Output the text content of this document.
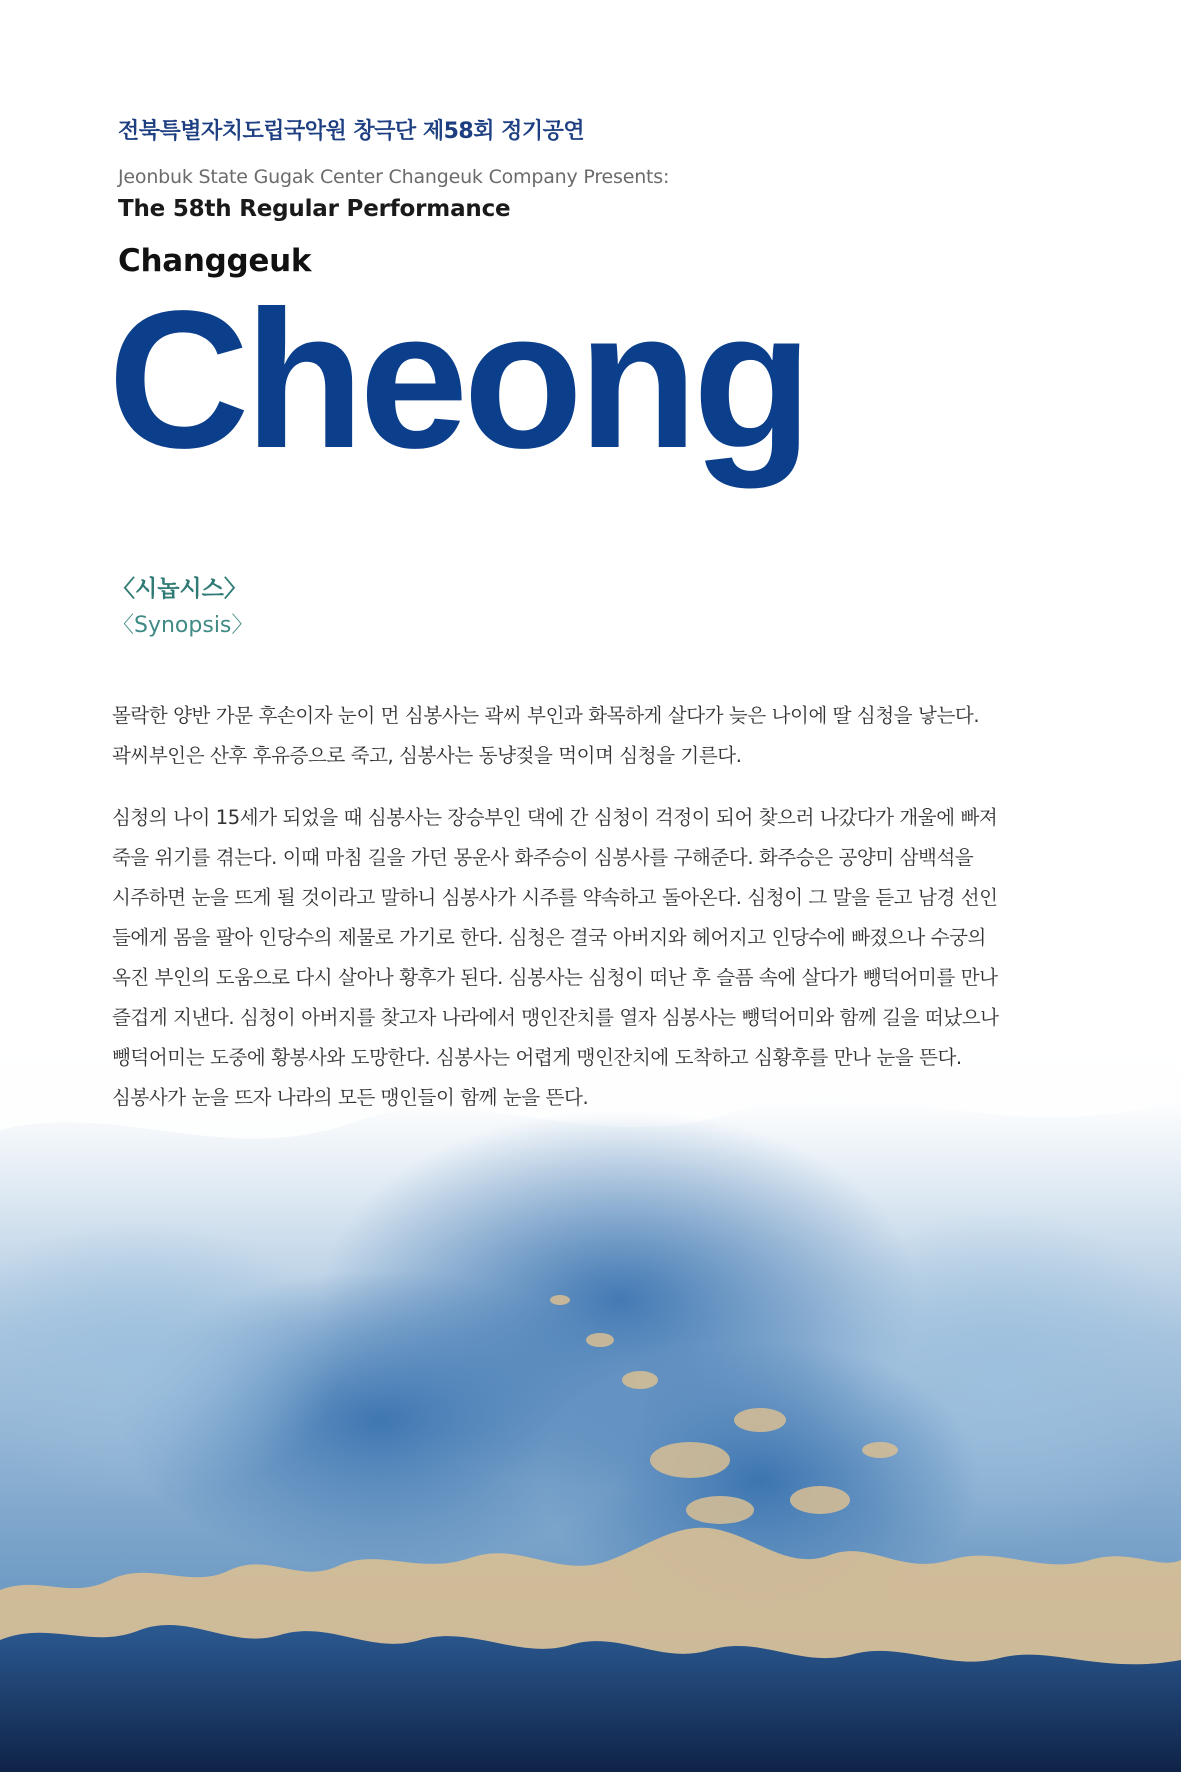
전북특별자치도립국악원 창극단 제58회 정기공연
Jeonbuk State Gugak Center Changeuk Company Presents:
The 58th Regular Performance
Changgeuk
Cheong
〈시놉시스〉
〈Synopsis〉

몰락한 양반 가문 후손이자 눈이 먼 심봉사는 곽씨 부인과 화목하게 살다가 늦은 나이에 딸 심청을 낳는다.

곽씨부인은 산후 후유증으로 죽고, 심봉사는 동냥젖을 먹이며 심청을 기른다.

심청의 나이 15세가 되었을 때 심봉사는 장승부인 댁에 간 심청이 걱정이 되어 찾으러 나갔다가 개울에 빠져

죽을 위기를 겪는다. 이때 마침 길을 가던 몽운사 화주승이 심봉사를 구해준다. 화주승은 공양미 삼백석을

시주하면 눈을 뜨게 될 것이라고 말하니 심봉사가 시주를 약속하고 돌아온다. 심청이 그 말을 듣고 남경 선인

들에게 몸을 팔아 인당수의 제물로 가기로 한다. 심청은 결국 아버지와 헤어지고 인당수에 빠졌으나 수궁의

옥진 부인의 도움으로 다시 살아나 황후가 된다. 심봉사는 심청이 떠난 후 슬픔 속에 살다가 뺑덕어미를 만나

즐겁게 지낸다. 심청이 아버지를 찾고자 나라에서 맹인잔치를 열자 심봉사는 뺑덕어미와 함께 길을 떠났으나

뺑덕어미는 도중에 황봉사와 도망한다. 심봉사는 어렵게 맹인잔치에 도착하고 심황후를 만나 눈을 뜬다.

심봉사가 눈을 뜨자 나라의 모든 맹인들이 함께 눈을 뜬다.
